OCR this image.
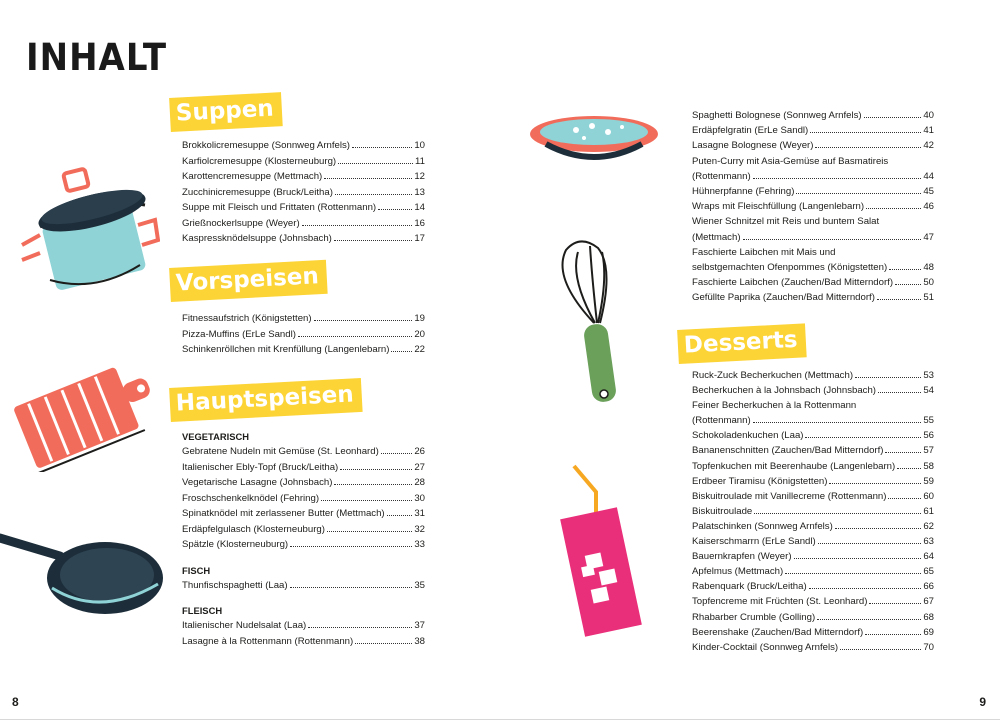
INHALT
Suppen
Vorspeisen
Hauptspeisen
Desserts
Brokkolicremesuppe (Sonnweg Arnfels)	10
Karfiolcremesuppe (Klosterneuburg)	11
Karottencremesuppe (Mettmach)	12
Zucchinicremesuppe (Bruck/Leitha)	13
Suppe mit Fleisch und Frittaten (Rottenmann)	14
Grießnockerlsuppe (Weyer)	16
Kaspressknödelsuppe (Johnsbach)	17
Fitnessaufstrich (Königstetten)	19
Pizza-Muffins (ErLe Sandl)	20
Schinkenröllchen mit Krenfüllung (Langenlebarn)	22
VEGETARISCH
Gebratene Nudeln mit Gemüse (St. Leonhard)	26
Italienischer Ebly-Topf (Bruck/Leitha)	27
Vegetarische Lasagne (Johnsbach)	28
Froschschenkelknödel (Fehring)	30
Spinatknödel mit zerlassener Butter (Mettmach)	31
Erdäpfelgulasch (Klosterneuburg)	32
Spätzle (Klosterneuburg)	33
FISCH
Thunfischspaghetti (Laa)	35
FLEISCH
Italienischer Nudelsalat (Laa)	37
Lasagne à la Rottenmann (Rottenmann)	38
Spaghetti Bolognese (Sonnweg Arnfels)	40
Erdäpfelgratin (ErLe Sandl)	41
Lasagne Bolognese (Weyer)	42
Puten-Curry mit Asia-Gemüse auf Basmatireis
(Rottenmann)	44
Hühnerpfanne (Fehring)	45
Wraps mit Fleischfüllung (Langenlebarn)	46
Wiener Schnitzel mit Reis und buntem Salat
(Mettmach)	47
Faschierte Laibchen mit Mais und
selbstgemachten Ofenpommes (Königstetten)	48
Faschierte Laibchen (Zauchen/Bad Mitterndorf)	50
Gefüllte Paprika (Zauchen/Bad Mitterndorf)	51
Ruck-Zuck Becherkuchen (Mettmach)	53
Becherkuchen à la Johnsbach (Johnsbach)	54
Feiner Becherkuchen à la Rottenmann
(Rottenmann)	55
Schokoladenkuchen (Laa)	56
Bananenschnitten (Zauchen/Bad Mitterndorf)	57
Topfenkuchen mit Beerenhaube (Langenlebarn)	58
Erdbeer Tiramisu (Königstetten)	59
Biskuitroulade mit Vanillecreme (Rottenmann)	60
Biskuitroulade	61
Palatschinken (Sonnweg Arnfels)	62
Kaiserschmarrn (ErLe Sandl)	63
Bauernkrapfen (Weyer)	64
Apfelmus (Mettmach)	65
Rabenquark (Bruck/Leitha)	66
Topfencreme mit Früchten (St. Leonhard)	67
Rhabarber Crumble (Golling)	68
Beerenshake (Zauchen/Bad Mitterndorf)	69
Kinder-Cocktail (Sonnweg Arnfels)	70
8	9
